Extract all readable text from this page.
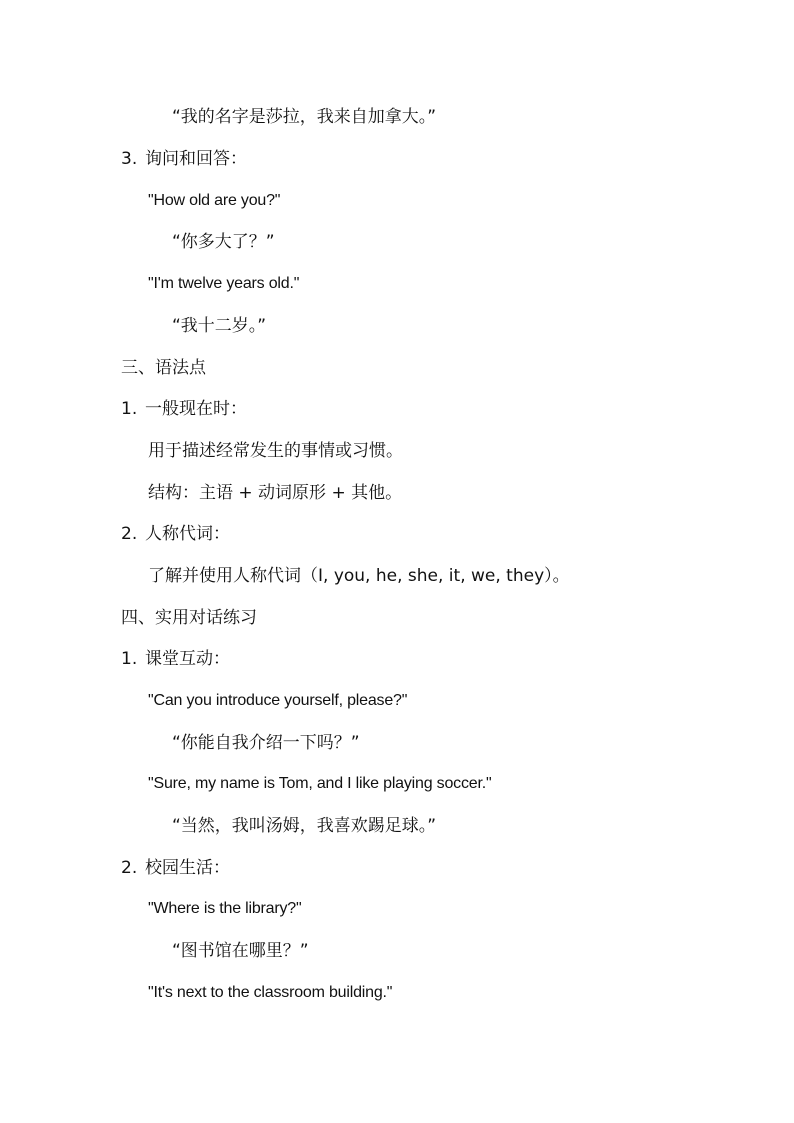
“我的名字是莎拉，我来自加拿大。”

3. 询问和回答：

"How old are you?"

“你多大了？”

"I'm twelve years old."

“我十二岁。”

三、语法点

1. 一般现在时：

用于描述经常发生的事情或习惯。

结构：主语 + 动词原形 + 其他。

2. 人称代词：

了解并使用人称代词（I, you, he, she, it, we, they）。

四、实用对话练习

1. 课堂互动：

"Can you introduce yourself, please?"

“你能自我介绍一下吗？”

"Sure, my name is Tom, and I like playing soccer."

“当然，我叫汤姆，我喜欢踢足球。”

2. 校园生活：

"Where is the library?"

“图书馆在哪里？”

"It's next to the classroom building."
